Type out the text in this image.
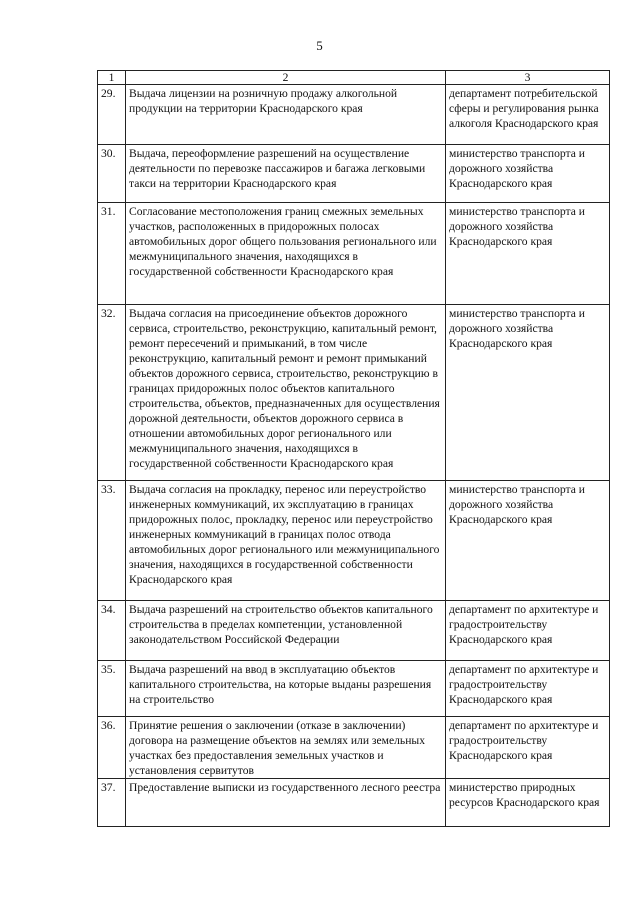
5
1	2	3
29.	Выдача лицензии на розничную продажу алкогольной продукции на территории Краснодарского края	департамент потребительской сферы и регулирования рынка алкоголя Краснодарского края
30.	Выдача, переоформление разрешений на осуществление деятельности по перевозке пассажиров и багажа легковыми такси на территории Краснодарского края	министерство транспорта и дорожного хозяйства Краснодарского края
31.	Согласование местоположения границ смежных земельных участков, расположенных в придорожных полосах автомобильных дорог общего пользования регионального или межмуниципального значения, находящихся в государственной собственности Краснодарского края	министерство транспорта и дорожного хозяйства Краснодарского края
32.	Выдача согласия на присоединение объектов дорожного сервиса, строительство, реконструкцию, капитальный ремонт, ремонт пересечений и примыканий, в том числе реконструкцию, капитальный ремонт и ремонт примыканий объектов дорожного сервиса, строительство, реконструкцию в границах придорожных полос объектов капитального строительства, объектов, предназначенных для осуществления дорожной деятельности, объектов дорожного сервиса в отношении автомобильных дорог регионального или межмуниципального значения, находящихся в государственной собственности Краснодарского края	министерство транспорта и дорожного хозяйства Краснодарского края
33.	Выдача согласия на прокладку, перенос или переустройство инженерных коммуникаций, их эксплуатацию в границах придорожных полос, прокладку, перенос или переустройство инженерных коммуникаций в границах полос отвода автомобильных дорог регионального или межмуниципального значения, находящихся в государственной собственности Краснодарского края	министерство транспорта и дорожного хозяйства Краснодарского края
34.	Выдача разрешений на строительство объектов капитального строительства в пределах компетенции, установленной законодательством Российской Федерации	департамент по архитектуре и градостроительству Краснодарского края
35.	Выдача разрешений на ввод в эксплуатацию объектов капитального строительства, на которые выданы разрешения на строительство	департамент по архитектуре и градостроительству Краснодарского края
36.	Принятие решения о заключении (отказе в заключении) договора на размещение объектов на землях или земельных участках без предоставления земельных участков и установления сервитутов	департамент по архитектуре и градостроительству Краснодарского края
37.	Предоставление выписки из государственного лесного реестра	министерство природных ресурсов Краснодарского края
